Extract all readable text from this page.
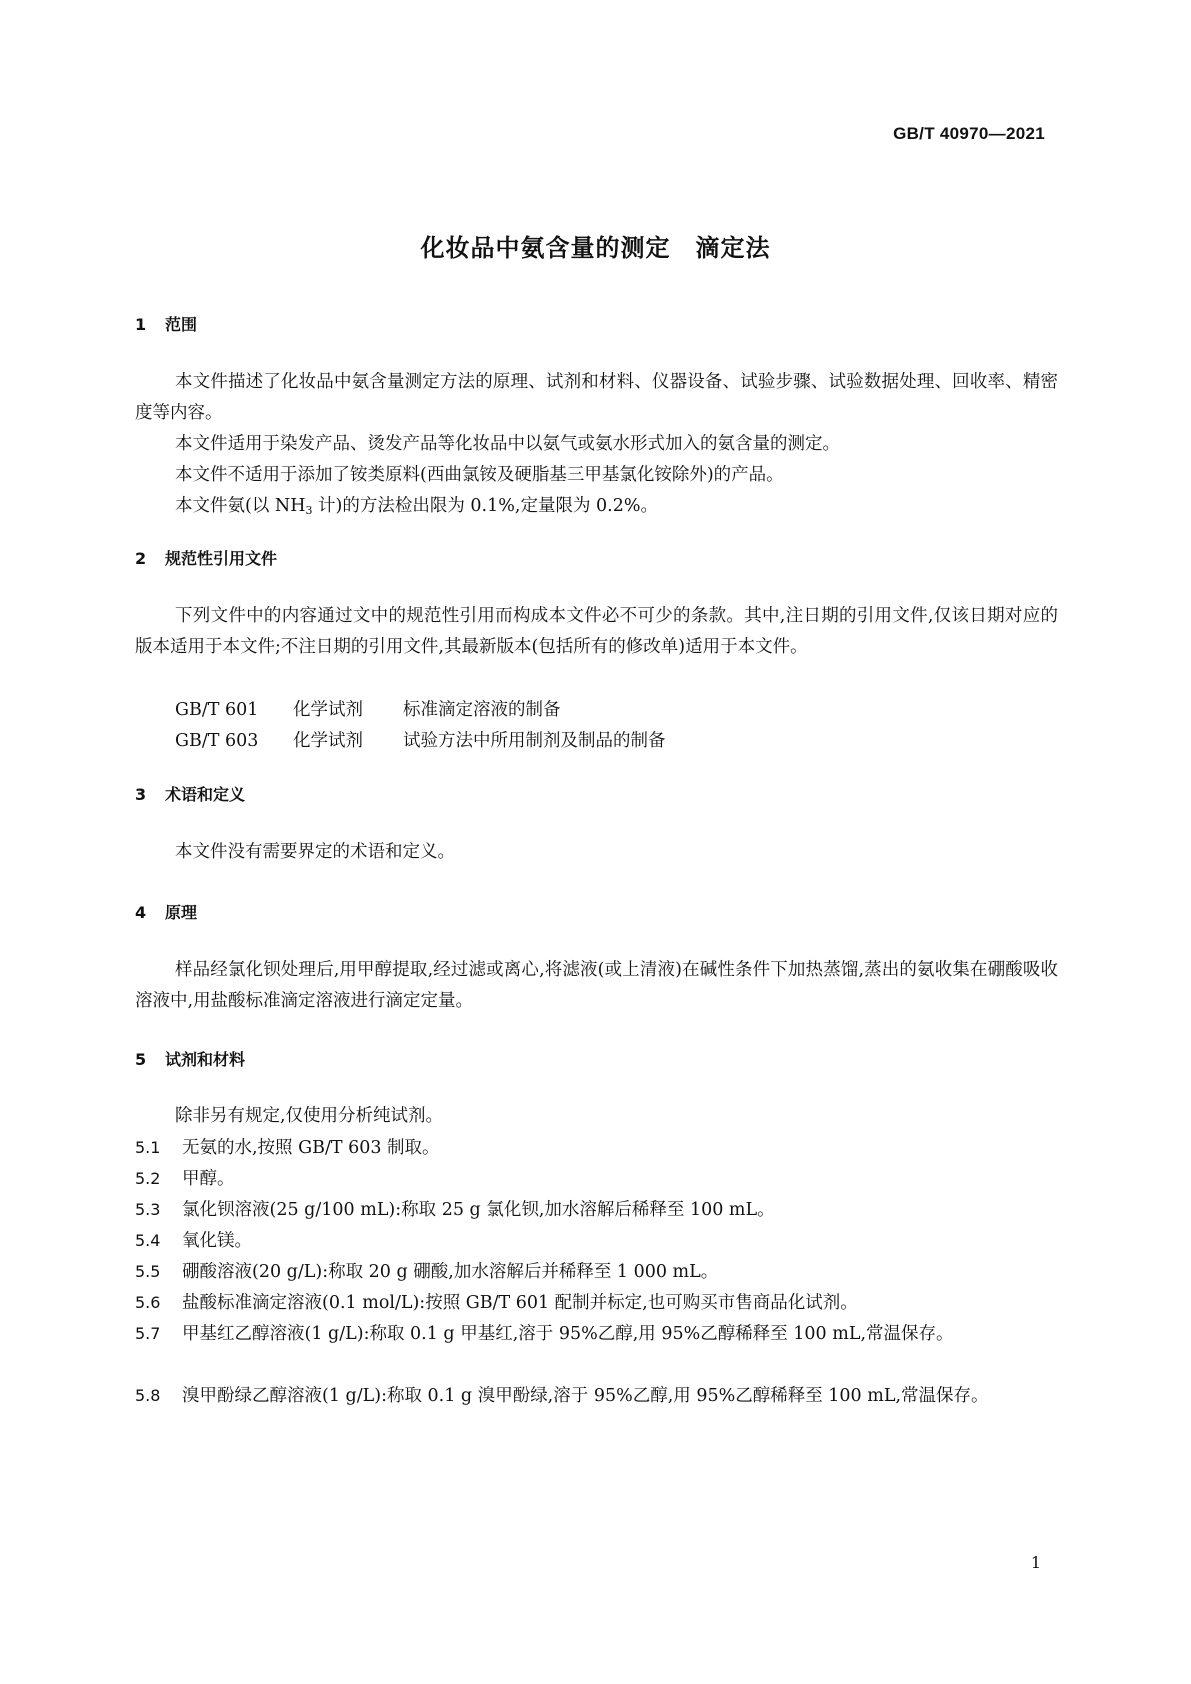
GB/T 40970—2021
化妆品中氨含量的测定　滴定法
1 范围
本文件描述了化妆品中氨含量测定方法的原理、试剂和材料、仪器设备、试验步骤、试验数据处理、回收率、精密度等内容。
本文件适用于染发产品、烫发产品等化妆品中以氨气或氨水形式加入的氨含量的测定。
本文件不适用于添加了铵类原料(西曲氯铵及硬脂基三甲基氯化铵除外)的产品。
本文件氨(以 $NH_3$ 计)的方法检出限为 0.1%,定量限为 0.2%。
2 规范性引用文件
下列文件中的内容通过文中的规范性引用而构成本文件必不可少的条款。其中,注日期的引用文件,仅该日期对应的版本适用于本文件;不注日期的引用文件,其最新版本(包括所有的修改单)适用于本文件。
GB/T 601 化学试剂 标准滴定溶液的制备
GB/T 603 化学试剂 试验方法中所用制剂及制品的制备
3 术语和定义
本文件没有需要界定的术语和定义。
4 原理
样品经氯化钡处理后,用甲醇提取,经过滤或离心,将滤液(或上清液)在碱性条件下加热蒸馏,蒸出的氨收集在硼酸吸收溶液中,用盐酸标准滴定溶液进行滴定定量。
5 试剂和材料
除非另有规定,仅使用分析纯试剂。
5.1 无氨的水,按照 GB/T 603 制取。
5.2 甲醇。
5.3 氯化钡溶液(25 g/100 mL):称取 25 g 氯化钡,加水溶解后稀释至 100 mL。
5.4 氧化镁。
5.5 硼酸溶液(20 g/L):称取 20 g 硼酸,加水溶解后并稀释至 1 000 mL。
5.6 盐酸标准滴定溶液(0.1 mol/L):按照 GB/T 601 配制并标定,也可购买市售商品化试剂。
5.7 甲基红乙醇溶液(1 g/L):称取 0.1 g 甲基红,溶于 95%乙醇,用 95%乙醇稀释至 100 mL,常温保存。
5.8 溴甲酚绿乙醇溶液(1 g/L):称取 0.1 g 溴甲酚绿,溶于 95%乙醇,用 95%乙醇稀释至 100 mL,常温保存。
1
